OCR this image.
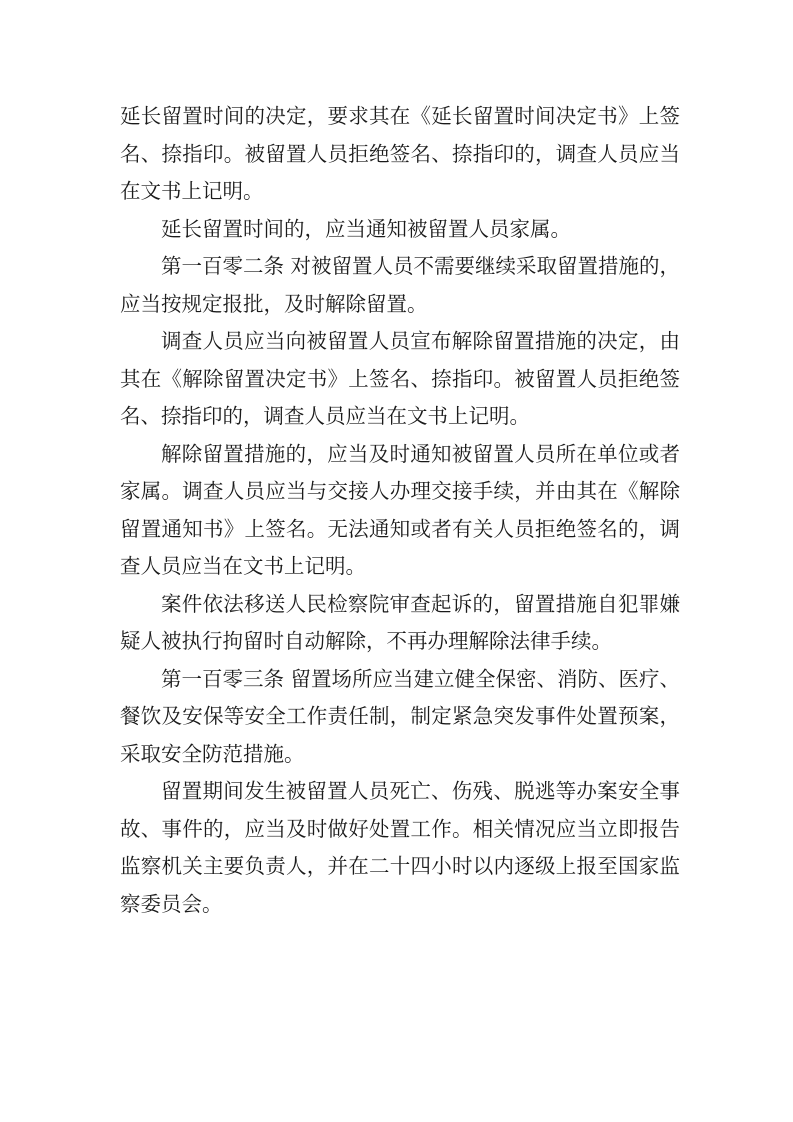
延长留置时间的决定，要求其在《延长留置时间决定书》上签名、捺指印。被留置人员拒绝签名、捺指印的，调查人员应当在文书上记明。

延长留置时间的，应当通知被留置人员家属。

第一百零二条 对被留置人员不需要继续采取留置措施的，应当按规定报批，及时解除留置。

调查人员应当向被留置人员宣布解除留置措施的决定，由其在《解除留置决定书》上签名、捺指印。被留置人员拒绝签名、捺指印的，调查人员应当在文书上记明。

解除留置措施的，应当及时通知被留置人员所在单位或者家属。调查人员应当与交接人办理交接手续，并由其在《解除留置通知书》上签名。无法通知或者有关人员拒绝签名的，调查人员应当在文书上记明。

案件依法移送人民检察院审查起诉的，留置措施自犯罪嫌疑人被执行拘留时自动解除，不再办理解除法律手续。

第一百零三条 留置场所应当建立健全保密、消防、医疗、餐饮及安保等安全工作责任制，制定紧急突发事件处置预案，采取安全防范措施。

留置期间发生被留置人员死亡、伤残、脱逃等办案安全事故、事件的，应当及时做好处置工作。相关情况应当立即报告监察机关主要负责人，并在二十四小时以内逐级上报至国家监察委员会。
